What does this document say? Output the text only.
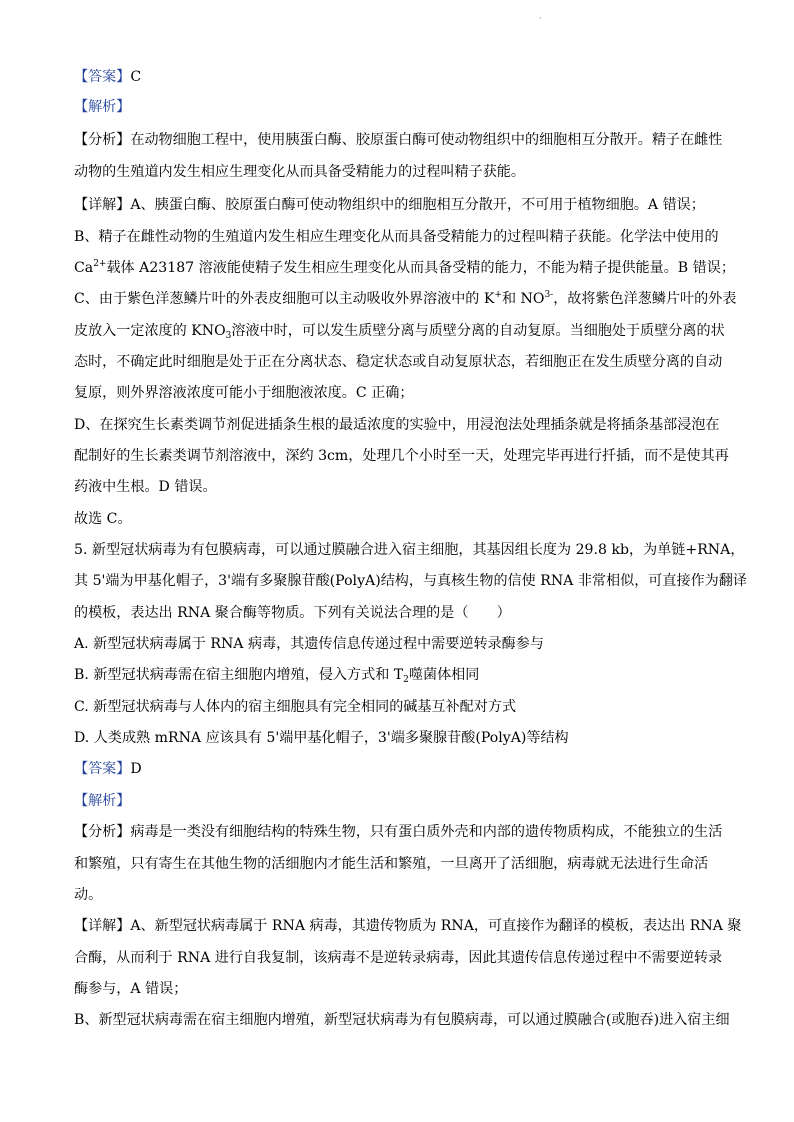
·
【答案】C
【解析】
【分析】在动物细胞工程中，使用胰蛋白酶、胶原蛋白酶可使动物组织中的细胞相互分散开。精子在雌性
动物的生殖道内发生相应生理变化从而具备受精能力的过程叫精子获能。
【详解】A、胰蛋白酶、胶原蛋白酶可使动物组织中的细胞相互分散开，不可用于植物细胞。A 错误；
B、精子在雌性动物的生殖道内发生相应生理变化从而具备受精能力的过程叫精子获能。化学法中使用的
$Ca^{2+}$载体 A23187 溶液能使精子发生相应生理变化从而具备受精的能力，不能为精子提供能量。B 错误；
C、由于紫色洋葱鳞片叶的外表皮细胞可以主动吸收外界溶液中的 K+和 $NO^{3-}$，故将紫色洋葱鳞片叶的外表
皮放入一定浓度的 $KNO_3$溶液中时，可以发生质壁分离与质壁分离的自动复原。当细胞处于质壁分离的状
态时，不确定此时细胞是处于正在分离状态、稳定状态或自动复原状态，若细胞正在发生质壁分离的自动
复原，则外界溶液浓度可能小于细胞液浓度。C 正确；
D、在探究生长素类调节剂促进插条生根的最适浓度的实验中，用浸泡法处理插条就是将插条基部浸泡在
配制好的生长素类调节剂溶液中，深约 3cm，处理几个小时至一天，处理完毕再进行扦插，而不是使其再
药液中生根。D 错误。
故选 C。
5. 新型冠状病毒为有包膜病毒，可以通过膜融合进入宿主细胞，其基因组长度为 29.8 kb，为单链+RNA，
其 5'端为甲基化帽子，3'端有多聚腺苷酸(PolyA)结构，与真核生物的信使 RNA 非常相似，可直接作为翻译
的模板，表达出 RNA 聚合酶等物质。下列有关说法合理的是（　　）
A. 新型冠状病毒属于 RNA 病毒，其遗传信息传递过程中需要逆转录酶参与
B. 新型冠状病毒需在宿主细胞内增殖，侵入方式和 $T_2$噬菌体相同
C. 新型冠状病毒与人体内的宿主细胞具有完全相同的碱基互补配对方式
D. 人类成熟 mRNA 应该具有 5'端甲基化帽子，3'端多聚腺苷酸(PolyA)等结构
【答案】D
【解析】
【分析】病毒是一类没有细胞结构的特殊生物，只有蛋白质外壳和内部的遗传物质构成，不能独立的生活
和繁殖，只有寄生在其他生物的活细胞内才能生活和繁殖，一旦离开了活细胞，病毒就无法进行生命活
动。
【详解】A、新型冠状病毒属于 RNA 病毒，其遗传物质为 RNA，可直接作为翻译的模板，表达出 RNA 聚
合酶，从而利于 RNA 进行自我复制，该病毒不是逆转录病毒，因此其遗传信息传递过程中不需要逆转录
酶参与，A 错误；
B、新型冠状病毒需在宿主细胞内增殖，新型冠状病毒为有包膜病毒，可以通过膜融合(或胞吞)进入宿主细
